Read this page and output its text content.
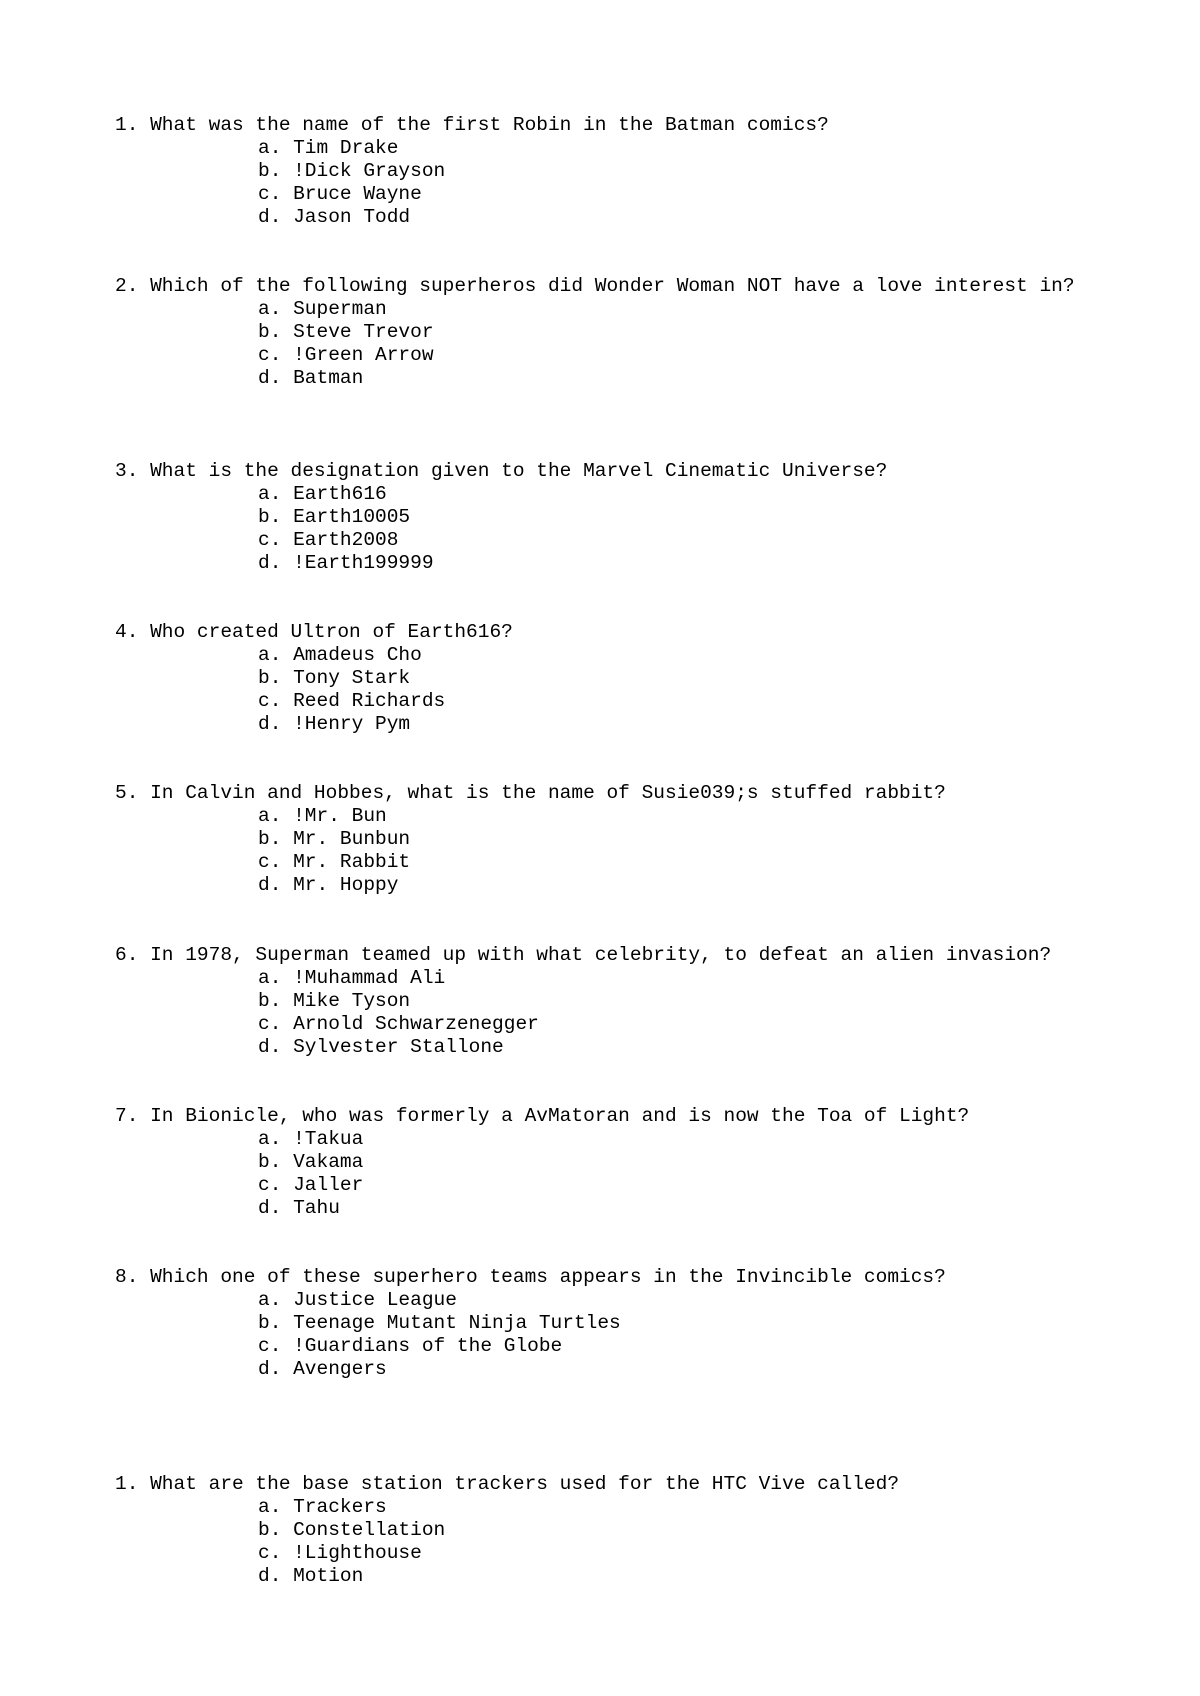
1. What was the name of the first Robin in the Batman comics?

a. Tim Drake
b. !Dick Grayson
c. Bruce Wayne
d. Jason Todd

2. Which of the following superheros did Wonder Woman NOT have a love interest in?

a. Superman
b. Steve Trevor
c. !Green Arrow
d. Batman

3. What is the designation given to the Marvel Cinematic Universe?

a. Earth616
b. Earth10005
c. Earth2008
d. !Earth199999

4. Who created Ultron of Earth616?

a. Amadeus Cho
b. Tony Stark
c. Reed Richards
d. !Henry Pym

5. In Calvin and Hobbes, what is the name of Susie039;s stuffed rabbit?

a. !Mr. Bun
b. Mr. Bunbun
c. Mr. Rabbit
d. Mr. Hoppy

6. In 1978, Superman teamed up with what celebrity, to defeat an alien invasion?

a. !Muhammad Ali
b. Mike Tyson
c. Arnold Schwarzenegger
d. Sylvester Stallone

7. In Bionicle, who was formerly a AvMatoran and is now the Toa of Light?

a. !Takua
b. Vakama
c. Jaller
d. Tahu

8. Which one of these superhero teams appears in the Invincible comics?

a. Justice League
b. Teenage Mutant Ninja Turtles
c. !Guardians of the Globe
d. Avengers

1. What are the base station trackers used for the HTC Vive called?

a. Trackers
b. Constellation
c. !Lighthouse
d. Motion
